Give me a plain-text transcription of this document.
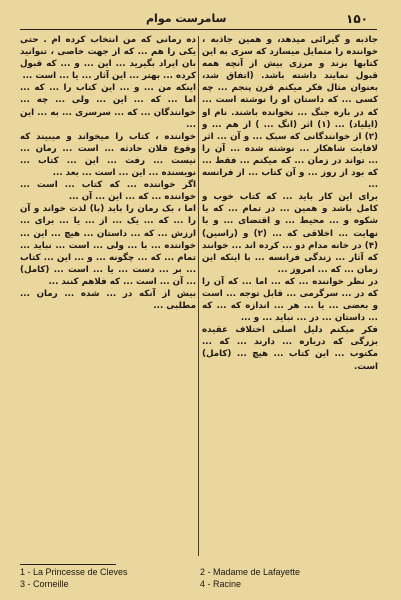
۱۵۰
سامرست موام
جاذبه و گیرائی میدهد، و همین جاذبه ، خواننده را متمایل میسازد که سری به این کتابها بزند و مرزی بیش از آنچه همه قبول نمایند داشته باشد. (اتفاق شد، بعنوان مثال فکر میکنم قرن پنجم ... چه کسی ... که داستان او را نوشته است ... که در باره جنگ ... نخوانده باشند. نام او (ایلیاد) ... (۱) اثر (انگ ... ) از هم ... و (۲) از خوانندگانی که سبک ... و آن ... اثر لافایت شاهکار ... نوشته شده ... آن را ... تواند در زمان ... که میکنم ... فقط ... که بود از روز ... و آن کتاب ... از فرانسه ...
برای این کار باید ... که کتاب خوب و کامل باشد و همین ... در تمام ... که با شکوه و ... محیط ... و اقتضای ... و با نهایت ... اخلاقی که ... (۲) و (راسین) (۴) در خانه مدام دو ... کرده اند ... خوانند که آثار ... زندگی فرانسه ... با اینکه این زمان ... که ... امروز ...
در نظر خواننده ... که ... اما ... که آن را که در ... سرگرمی ... قابل توجه ... است و بعضی ... یا ... هر ... اندازه که ... که ... داستان ... در ... نباید ... و ...
فکر میکنم دلیل اصلی اختلاف عقیده بزرگی که درباره ... دارند ... که ... مکتوب ... این کتاب ... هیچ ... (کامل) است.
ده رمانی که من انتخاب کرده ام . حتی یکی را هم ... که از جهت خاصی ، تنوانید بان ایراد بگیرید ... این ... و ... که قبول کرده ... بهتر ... این آثار ... یا ... است ...
اینکه من ... و ... این کتاب را ... که ... اما ... که ... این ... ولی ... چه ... خوانندگان ... که ... سرسری ... به ... این ...
خواننده ، کتاب را میخواند و میبیند که وقوع فلان حادثه ... است ... رمان ... نیست ... رفت ... این ... کتاب ... نویسنده ... این ... است ... بعد ...
اگر خواننده ... که کتاب ... است ... خواننده ... که ... این ... آن ...
اما ، بک رمان را باید (با) لذت خواند و آن را ... که ... یک ... از ... یا ... برای ... ارزش ... که ... داستان ... هیچ ... این ... خواننده ... با ... ولی ... است ... نباید ... تمام ... که ... چگونه ... و ... این ... کتاب ... بر ... دست ... یا ... است ... (کامل) ... آن ... است ... که فلاهم کنند ...
بیش از آنکه در ... شده ... رمان ... مطلبی ...
1 - La Princesse de Cleves	2 - Madame de Lafayette
3 - Corneille	4 - Racine
